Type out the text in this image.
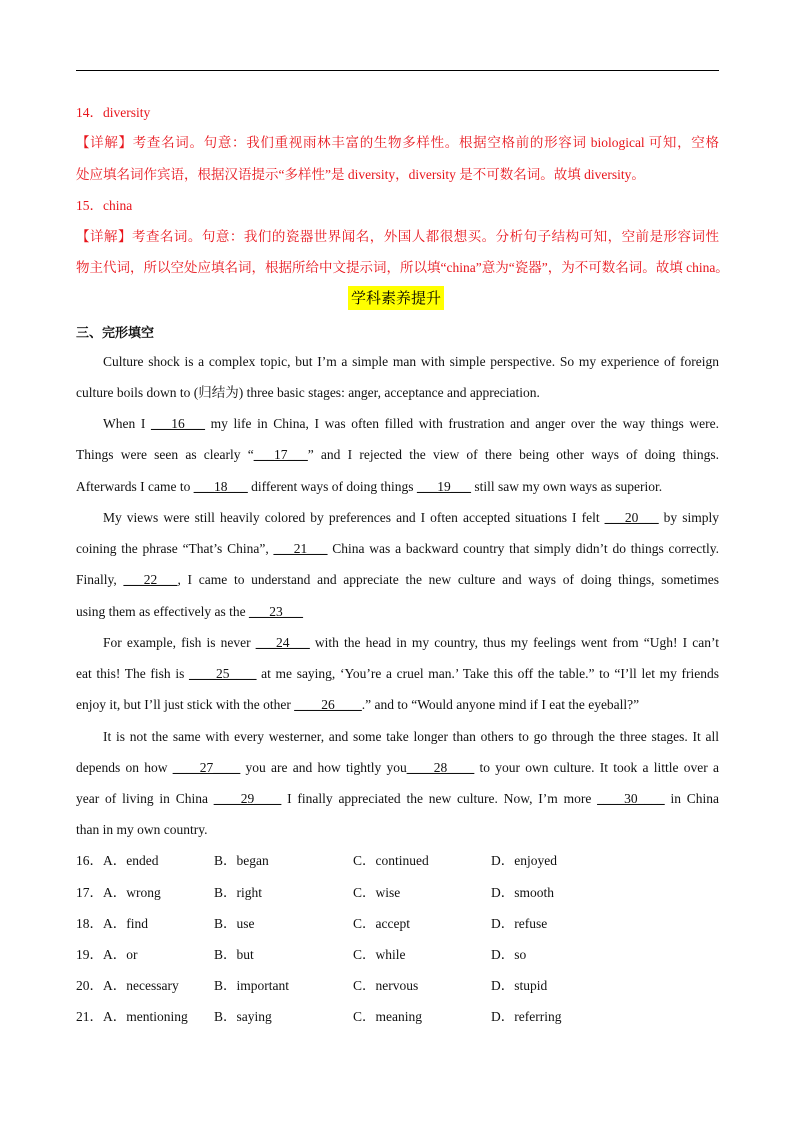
14．diversity
【详解】考查名词。句意：我们重视雨林丰富的生物多样性。根据空格前的形容词 biological 可知，空格
处应填名词作宾语，根据汉语提示“多样性”是 diversity，diversity 是不可数名词。故填 diversity。
15．china
【详解】考查名词。句意：我们的瓷器世界闻名，外国人都很想买。分析句子结构可知，空前是形容词性
物主代词，所以空处应填名词，根据所给中文提示词，所以填“china”意为“瓷器”，为不可数名词。故填 china。
学科素养提升
三、完形填空
Culture shock is a complex topic, but I’m a simple man with simple perspective. So my experience of foreign
culture boils down to (归结为) three basic stages: anger, acceptance and appreciation.
When I ___16___ my life in China, I was often filled with frustration and anger over the way things were.
Things were seen as clearly “___17___” and I rejected the view of there being other ways of doing things.
Afterwards I came to ___18___ different ways of doing things ___19___ still saw my own ways as superior.
My views were still heavily colored by preferences and I often accepted situations I felt ___20___ by simply
coining the phrase “That’s China”, ___21___ China was a backward country that simply didn’t do things correctly.
Finally, ___22___, I came to understand and appreciate the new culture and ways of doing things, sometimes
using them as effectively as the ___23___
For example, fish is never ___24___ with the head in my country, thus my feelings went from “Ugh! I can’t
eat this! The fish is ____25____ at me saying, ‘You’re a cruel man.’ Take this off the table.” to “I’ll let my friends
enjoy it, but I’ll just stick with the other ____26____.” and to “Would anyone mind if I eat the eyeball?”
It is not the same with every westerner, and some take longer than others to go through the three stages. It all
depends on how ____27____ you are and how tightly you____28____ to your own culture. It took a little over a
year of living in China ____29____ I finally appreciated the new culture. Now, I’m more ____30____ in China
than in my own country.
16．A．ended	B．began	C．continued	D．enjoyed
17．A．wrong	B．right	C．wise	D．smooth
18．A．find	B．use	C．accept	D．refuse
19．A．or	B．but	C．while	D．so
20．A．necessary	B．important	C．nervous	D．stupid
21．A．mentioning B．saying	C．meaning	D．referring
